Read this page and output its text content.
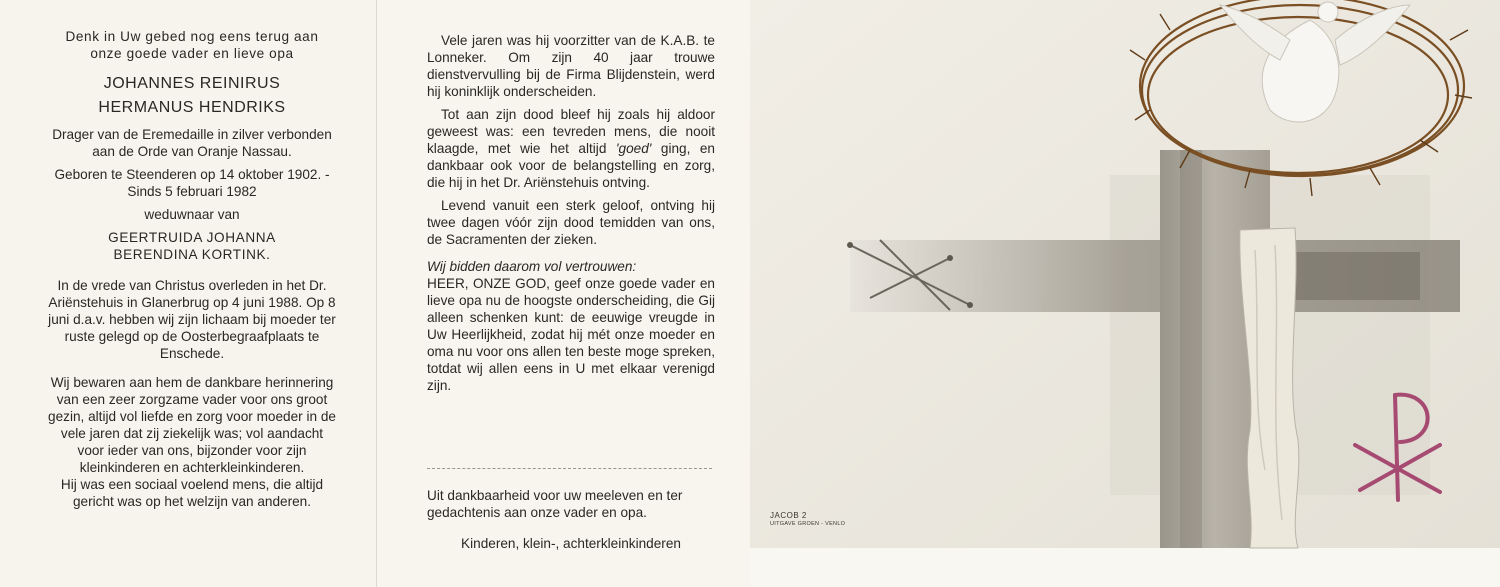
Denk in Uw gebed nog eens terug aan onze goede vader en lieve opa

JOHANNES REINIRUS
HERMANUS HENDRIKS

Drager van de Eremedaille in zilver verbonden aan de Orde van Oranje Nassau.

Geboren te Steenderen op 14 oktober 1902. - Sinds 5 februari 1982

weduwnaar van

GEERTRUIDA JOHANNA
BERENDINA KORTINK.

In de vrede van Christus overleden in het Dr. Ariënstehuis in Glanerbrug op 4 juni 1988. Op 8 juni d.a.v. hebben wij zijn lichaam bij moeder ter ruste gelegd op de Oosterbegraafplaats te Enschede.

Wij bewaren aan hem de dankbare herinnering van een zeer zorgzame vader voor ons groot gezin, altijd vol liefde en zorg voor moeder in de vele jaren dat zij ziekelijk was; vol aandacht voor ieder van ons, bijzonder voor zijn kleinkinderen en achterkleinkinderen.

Hij was een sociaal voelend mens, die altijd gericht was op het welzijn van anderen.

Vele jaren was hij voorzitter van de K.A.B. te Lonneker. Om zijn 40 jaar trouwe dienstvervulling bij de Firma Blijdenstein, werd hij koninklijk onderscheiden.

Tot aan zijn dood bleef hij zoals hij aldoor geweest was: een tevreden mens, die nooit klaagde, met wie het altijd 'goed' ging, en dankbaar ook voor de belangstelling en zorg, die hij in het Dr. Ariënstehuis ontving.

Levend vanuit een sterk geloof, ontving hij twee dagen vóór zijn dood temidden van ons, de Sacramenten der zieken.

Wij bidden daarom vol vertrouwen:

HEER, ONZE GOD, geef onze goede vader en lieve opa nu de hoogste onderscheiding, die Gij alleen schenken kunt: de eeuwige vreugde in Uw Heerlijkheid, zodat hij mét onze moeder en oma nu voor ons allen ten beste moge spreken, totdat wij allen eens in U met elkaar verenigd zijn.

Uit dankbaarheid voor uw meeleven en ter gedachtenis aan onze vader en opa.

Kinderen, klein-, achterkleinkinderen

JACOB 2
UITGAVE GROEN - VENLO
